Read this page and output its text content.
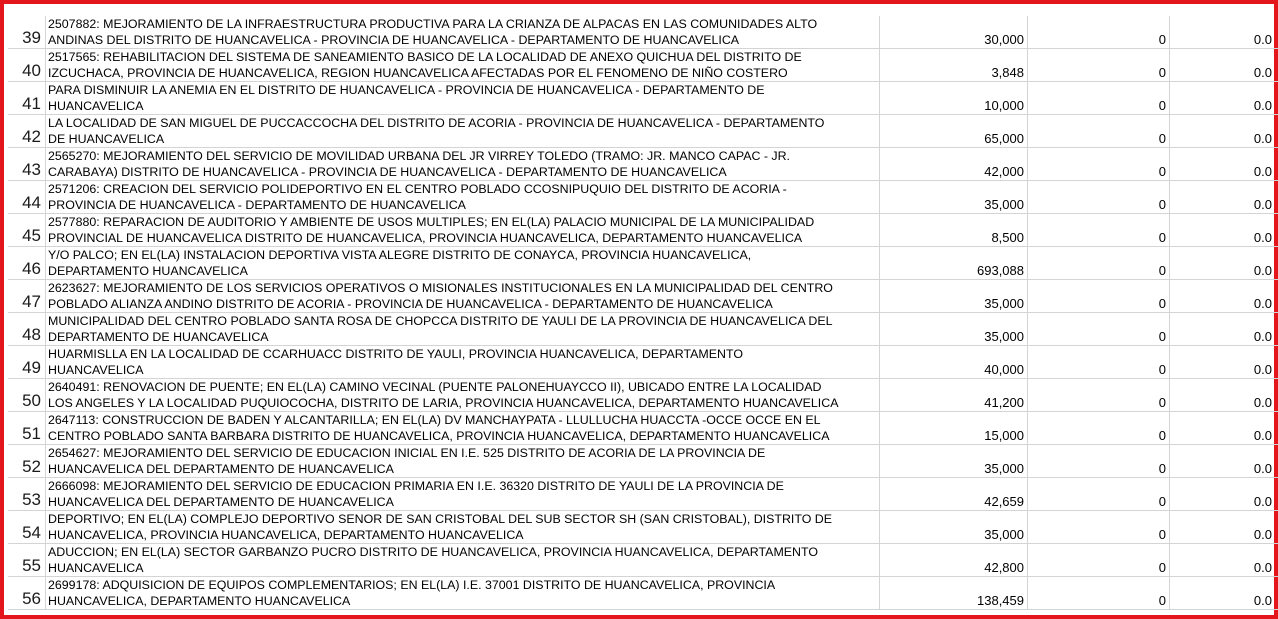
39
2507882: MEJORAMIENTO DE LA INFRAESTRUCTURA PRODUCTIVA PARA LA CRIANZA DE ALPACAS EN LAS COMUNIDADES ALTO
ANDINAS DEL DISTRITO DE HUANCAVELICA - PROVINCIA DE HUANCAVELICA - DEPARTAMENTO DE HUANCAVELICA	30,000	0	0.0
40
2517565: REHABILITACION DEL SISTEMA DE SANEAMIENTO BASICO DE LA LOCALIDAD DE ANEXO QUICHUA DEL DISTRITO DE
IZCUCHACA, PROVINCIA DE HUANCAVELICA, REGION HUANCAVELICA AFECTADAS POR EL FENOMENO DE NIÑO COSTERO	3,848	0	0.0
41
PARA DISMINUIR LA ANEMIA EN EL DISTRITO DE HUANCAVELICA - PROVINCIA DE HUANCAVELICA - DEPARTAMENTO DE
HUANCAVELICA	10,000	0	0.0
42
LA LOCALIDAD DE SAN MIGUEL DE PUCCACCOCHA DEL DISTRITO DE ACORIA - PROVINCIA DE HUANCAVELICA - DEPARTAMENTO
DE HUANCAVELICA	65,000	0	0.0
43
2565270: MEJORAMIENTO DEL SERVICIO DE MOVILIDAD URBANA DEL JR VIRREY TOLEDO (TRAMO: JR. MANCO CAPAC - JR.
CARABAYA) DISTRITO DE HUANCAVELICA - PROVINCIA DE HUANCAVELICA - DEPARTAMENTO DE HUANCAVELICA	42,000	0	0.0
44
2571206: CREACION DEL SERVICIO POLIDEPORTIVO EN EL CENTRO POBLADO CCOSNIPUQUIO DEL DISTRITO DE ACORIA -
PROVINCIA DE HUANCAVELICA - DEPARTAMENTO DE HUANCAVELICA	35,000	0	0.0
45
2577880: REPARACION DE AUDITORIO Y AMBIENTE DE USOS MULTIPLES; EN EL(LA) PALACIO MUNICIPAL DE LA MUNICIPALIDAD
PROVINCIAL DE HUANCAVELICA DISTRITO DE HUANCAVELICA, PROVINCIA HUANCAVELICA, DEPARTAMENTO HUANCAVELICA	8,500	0	0.0
46
Y/O PALCO; EN EL(LA) INSTALACION DEPORTIVA VISTA ALEGRE DISTRITO DE CONAYCA, PROVINCIA HUANCAVELICA,
DEPARTAMENTO HUANCAVELICA	693,088	0	0.0
47
2623627: MEJORAMIENTO DE LOS SERVICIOS OPERATIVOS O MISIONALES INSTITUCIONALES EN LA MUNICIPALIDAD DEL CENTRO
POBLADO ALIANZA ANDINO DISTRITO DE ACORIA - PROVINCIA DE HUANCAVELICA - DEPARTAMENTO DE HUANCAVELICA	35,000	0	0.0
48
MUNICIPALIDAD DEL CENTRO POBLADO SANTA ROSA DE CHOPCCA DISTRITO DE YAULI DE LA PROVINCIA DE HUANCAVELICA DEL
DEPARTAMENTO DE HUANCAVELICA	35,000	0	0.0
49
HUARMISLLA EN LA LOCALIDAD DE CCARHUACC DISTRITO DE YAULI, PROVINCIA HUANCAVELICA, DEPARTAMENTO
HUANCAVELICA	40,000	0	0.0
50
2640491: RENOVACION DE PUENTE; EN EL(LA) CAMINO VECINAL (PUENTE PALONEHUAYCCO II), UBICADO ENTRE LA LOCALIDAD
LOS ANGELES Y LA LOCALIDAD PUQUIOCOCHA, DISTRITO DE LARIA, PROVINCIA HUANCAVELICA, DEPARTAMENTO HUANCAVELICA	41,200	0	0.0
51
2647113: CONSTRUCCION DE BADEN Y ALCANTARILLA; EN EL(LA) DV MANCHAYPATA - LLULLUCHA HUACCTA -OCCE OCCE EN EL
CENTRO POBLADO SANTA BARBARA DISTRITO DE HUANCAVELICA, PROVINCIA HUANCAVELICA, DEPARTAMENTO HUANCAVELICA	15,000	0	0.0
52
2654627: MEJORAMIENTO DEL SERVICIO DE EDUCACION INICIAL EN I.E. 525 DISTRITO DE ACORIA DE LA PROVINCIA DE
HUANCAVELICA DEL DEPARTAMENTO DE HUANCAVELICA	35,000	0	0.0
53
2666098: MEJORAMIENTO DEL SERVICIO DE EDUCACION PRIMARIA EN I.E. 36320 DISTRITO DE YAULI DE LA PROVINCIA DE
HUANCAVELICA DEL DEPARTAMENTO DE HUANCAVELICA	42,659	0	0.0
54
DEPORTIVO; EN EL(LA) COMPLEJO DEPORTIVO SENOR DE SAN CRISTOBAL DEL SUB SECTOR SH (SAN CRISTOBAL), DISTRITO DE
HUANCAVELICA, PROVINCIA HUANCAVELICA, DEPARTAMENTO HUANCAVELICA	35,000	0	0.0
55
ADUCCION; EN EL(LA) SECTOR GARBANZO PUCRO DISTRITO DE HUANCAVELICA, PROVINCIA HUANCAVELICA, DEPARTAMENTO
HUANCAVELICA	42,800	0	0.0
56
2699178: ADQUISICION DE EQUIPOS COMPLEMENTARIOS; EN EL(LA) I.E. 37001 DISTRITO DE HUANCAVELICA, PROVINCIA
HUANCAVELICA, DEPARTAMENTO HUANCAVELICA	138,459	0	0.0
